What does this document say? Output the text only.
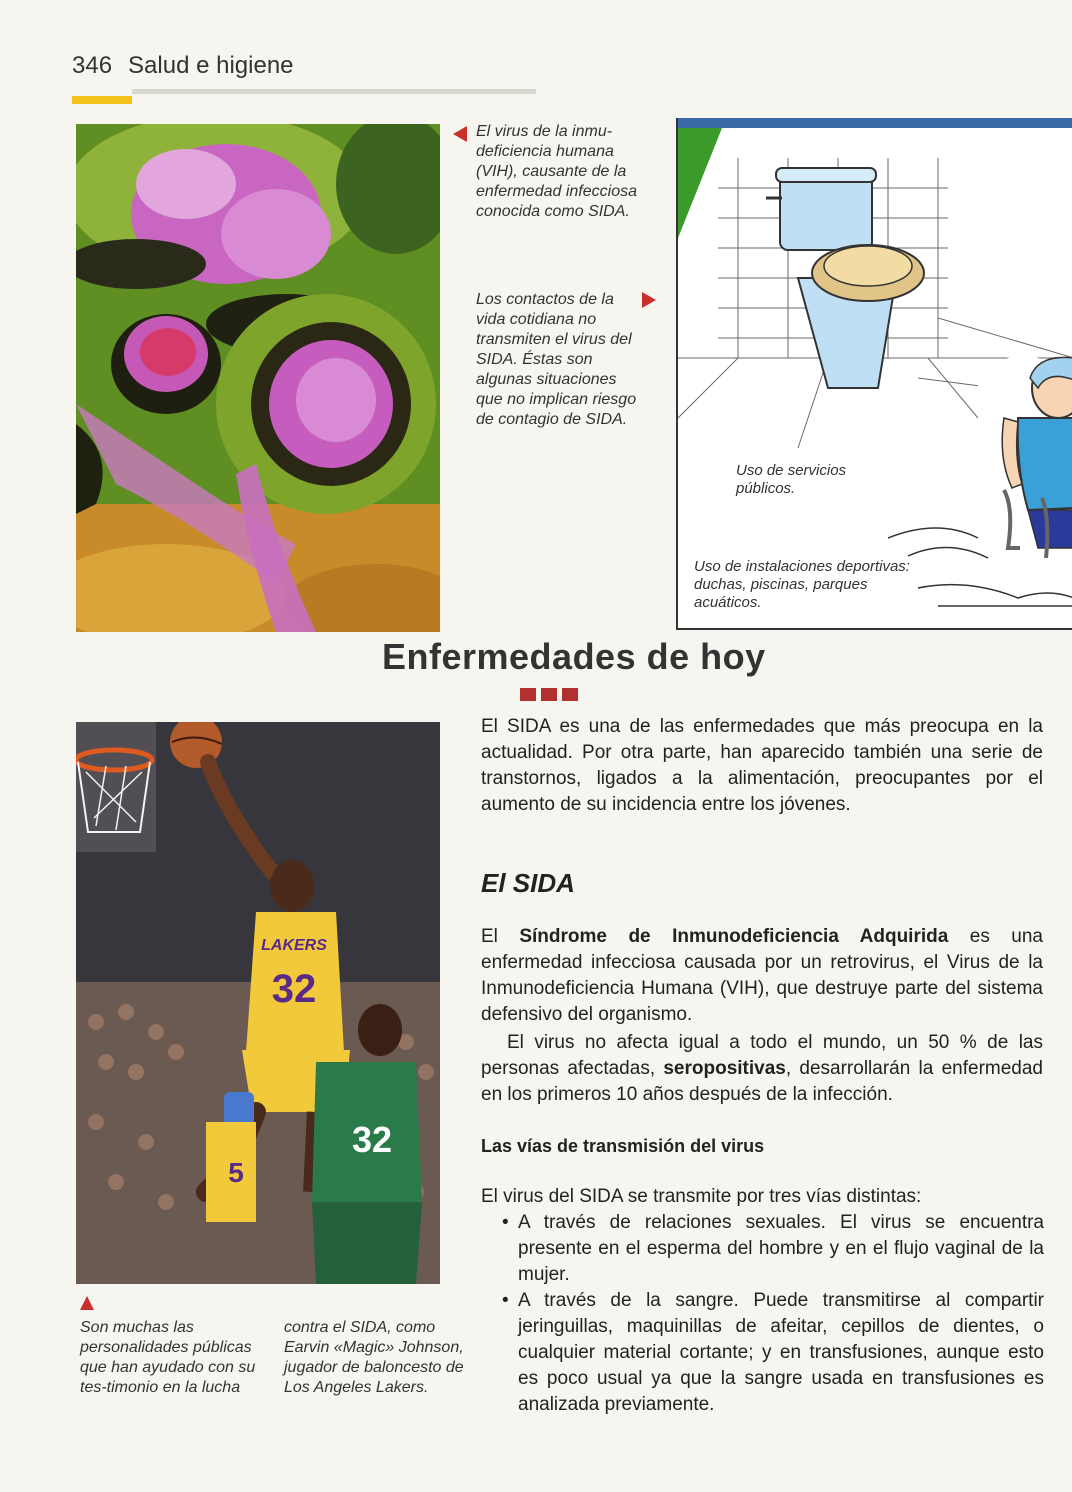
346 Salud e higiene

El virus de la inmu-deficiencia humana (VIH), causante de la enfermedad infecciosa conocida como SIDA.

Los contactos de la vida cotidiana no transmiten el virus del SIDA. Éstas son algunas situaciones que no implican riesgo de contagio de SIDA.

Uso de servicios públicos.

Uso de instalaciones deportivas: duchas, piscinas, parques acuáticos.

Enfermedades de hoy
32
LAKERS
32
5

Son muchas las personalidades públicas que han ayudado con su tes-timonio en la lucha

contra el SIDA, como Earvin «Magic» Johnson, jugador de baloncesto de Los Angeles Lakers.

El SIDA es una de las enfermedades que más preocupa en la actualidad. Por otra parte, han aparecido también una serie de transtornos, ligados a la alimentación, preocupantes por el aumento de su incidencia entre los jóvenes.

El SIDA

El Síndrome de Inmunodeficiencia Adquirida es una enfermedad infecciosa causada por un retrovirus, el Virus de la Inmunodeficiencia Humana (VIH), que destruye parte del sistema defensivo del organismo.

El virus no afecta igual a todo el mundo, un 50 % de las personas afectadas, seropositivas, desarrollarán la enfermedad en los primeros 10 años después de la infección.

Las vías de transmisión del virus

El virus del SIDA se transmite por tres vías distintas:

• A través de relaciones sexuales. El virus se encuentra presente en el esperma del hombre y en el flujo vaginal de la mujer.
• A través de la sangre. Puede transmitirse al compartir jeringuillas, maquinillas de afeitar, cepillos de dientes, o cualquier material cortante; y en transfusiones, aunque esto es poco usual ya que la sangre usada en transfusiones es analizada previamente.
